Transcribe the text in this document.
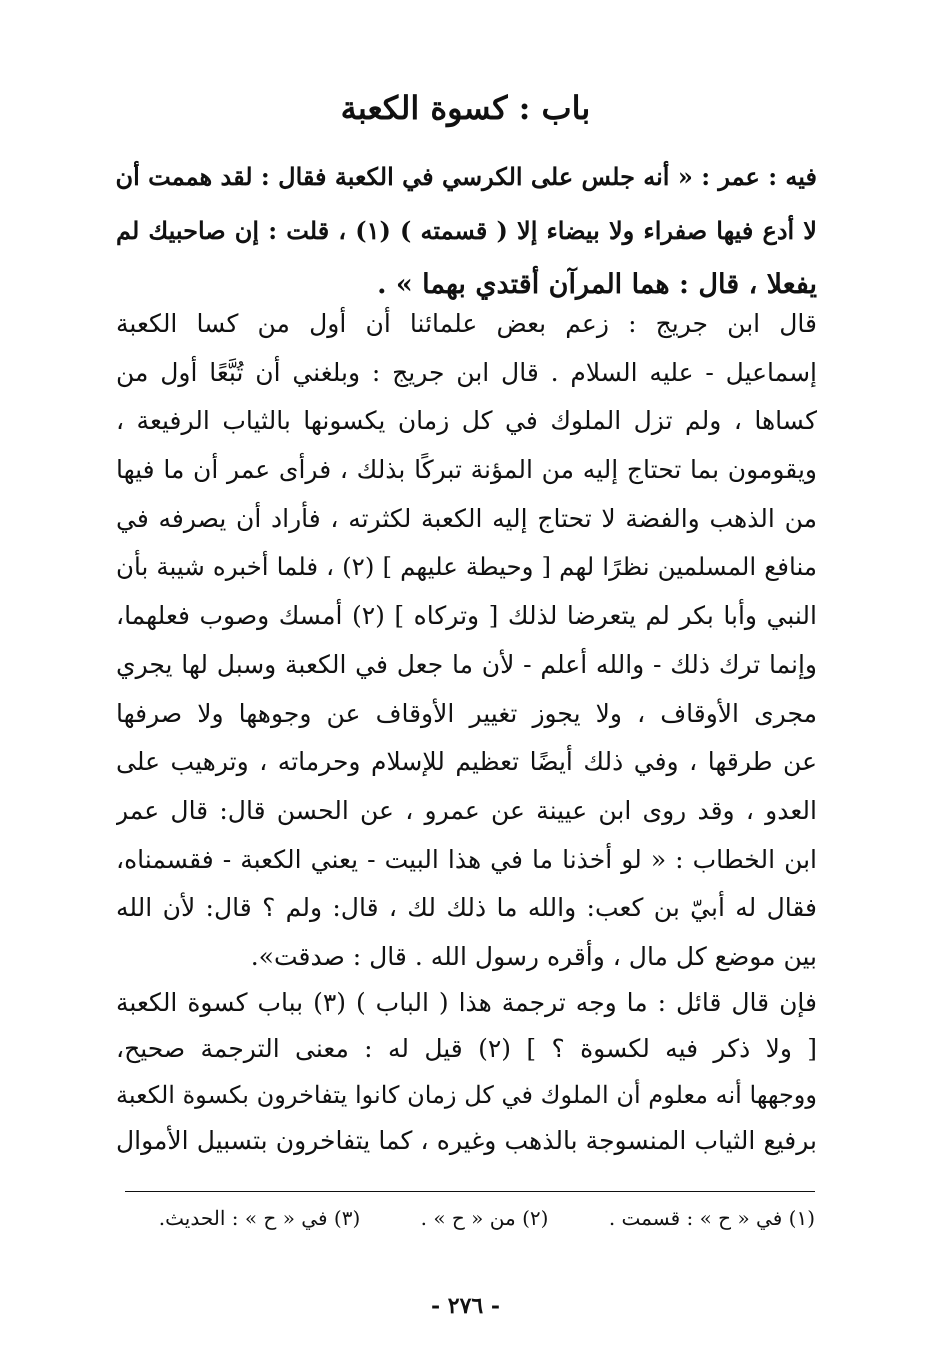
باب : كسوة الكعبة
فيه : عمر : « أنه جلس على الكرسي في الكعبة فقال : لقد هممت أن
لا أدع فيها صفراء ولا بيضاء إلا ( قسمته ) (١) ، قلت : إن صاحبيك لم
يفعلا ، قال : هما المرآن أقتدي بهما » .
قال ابن جريج : زعم بعض علمائنا أن أول من كسا الكعبة
إسماعيل - عليه السلام . قال ابن جريج : وبلغني أن تُبَّعًا أول من
كساها ، ولم تزل الملوك في كل زمان يكسونها بالثياب الرفيعة ،
ويقومون بما تحتاج إليه من المؤنة تبركًا بذلك ، فرأى عمر أن ما فيها
من الذهب والفضة لا تحتاج إليه الكعبة لكثرته ، فأراد أن يصرفه في
منافع المسلمين نظرًا لهم [ وحيطة عليهم ] (٢) ، فلما أخبره شيبة بأن
النبي وأبا بكر لم يتعرضا لذلك [ وتركاه ] (٢) أمسك وصوب فعلهما،
وإنما ترك ذلك - والله أعلم - لأن ما جعل في الكعبة وسبل لها يجري
مجرى الأوقاف ، ولا يجوز تغيير الأوقاف عن وجوهها ولا صرفها
عن طرقها ، وفي ذلك أيضًا تعظيم للإسلام وحرماته ، وترهيب على
العدو ، وقد روى ابن عيينة عن عمرو ، عن الحسن قال: قال عمر
ابن الخطاب : « لو أخذنا ما في هذا البيت - يعني الكعبة - فقسمناه،
فقال له أبيّ بن كعب: والله ما ذلك لك ، قال: ولم ؟ قال: لأن الله
بين موضع كل مال ، وأقره رسول الله . قال : صدقت».
فإن قال قائل : ما وجه ترجمة هذا ( الباب ) (٣) بباب كسوة الكعبة
[ ولا ذكر فيه لكسوة ؟ ] (٢) قيل له : معنى الترجمة صحيح،
ووجهها أنه معلوم أن الملوك في كل زمان كانوا يتفاخرون بكسوة الكعبة
برفيع الثياب المنسوجة بالذهب وغيره ، كما يتفاخرون بتسبيل الأموال
(١) في « ح » : قسمت . (٢) من « ح » . (٣) في « ح » : الحديث.
- ٢٧٦ -
